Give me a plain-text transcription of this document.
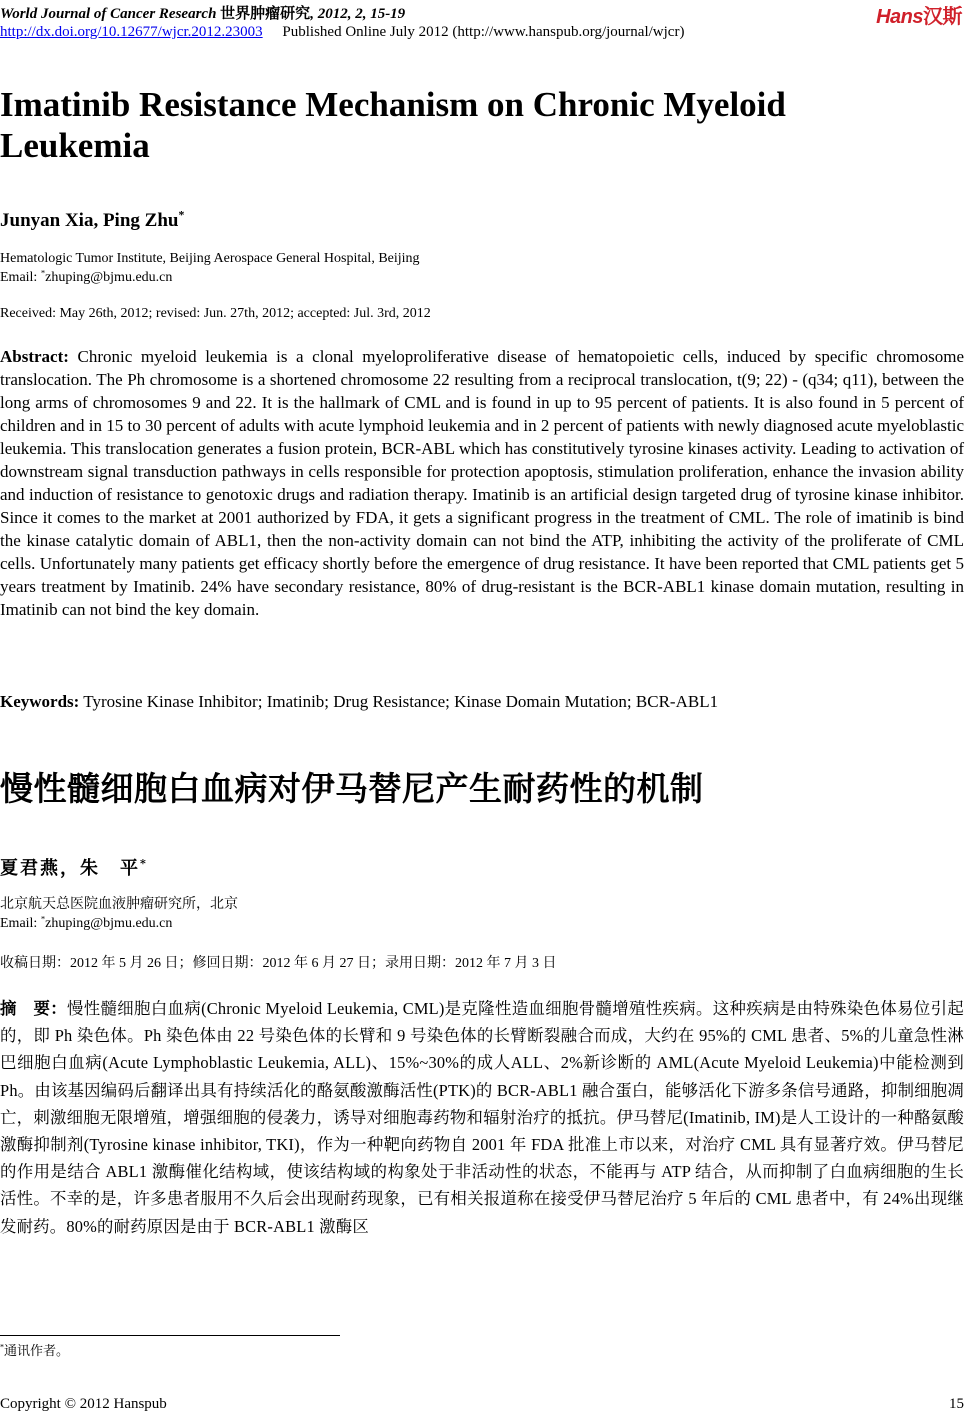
World Journal of Cancer Research 世界肿瘤研究, 2012, 2, 15-19	Hans汉斯
http://dx.doi.org/10.12677/wjcr.2012.23003 Published Online July 2012 (http://www.hanspub.org/journal/wjcr)
Imatinib Resistance Mechanism on Chronic Myeloid Leukemia
Junyan Xia, Ping Zhu*
Hematologic Tumor Institute, Beijing Aerospace General Hospital, Beijing
Email: *zhuping@bjmu.edu.cn
Received: May 26th, 2012; revised: Jun. 27th, 2012; accepted: Jul. 3rd, 2012
Abstract: Chronic myeloid leukemia is a clonal myeloproliferative disease of hematopoietic cells, induced by specific chromosome translocation. The Ph chromosome is a shortened chromosome 22 resulting from a reciprocal translocation, t(9; 22) - (q34; q11), between the long arms of chromosomes 9 and 22. It is the hallmark of CML and is found in up to 95 percent of patients. It is also found in 5 percent of children and in 15 to 30 percent of adults with acute lymphoid leukemia and in 2 percent of patients with newly diagnosed acute myeloblastic leukemia. This translocation generates a fusion protein, BCR-ABL which has constitutively tyrosine kinases activity. Leading to activation of downstream signal transduction pathways in cells responsible for protection apoptosis, stimulation proliferation, enhance the invasion ability and induction of resistance to genotoxic drugs and radiation therapy. Imatinib is an artificial design targeted drug of tyrosine kinase inhibitor. Since it comes to the market at 2001 authorized by FDA, it gets a significant progress in the treatment of CML. The role of imatinib is bind the kinase catalytic domain of ABL1, then the non-activity domain can not bind the ATP, inhibiting the activity of the proliferate of CML cells. Unfortunately many patients get efficacy shortly before the emergence of drug resistance. It have been reported that CML patients get 5 years treatment by Imatinib. 24% have secondary resistance, 80% of drug-resistant is the BCR-ABL1 kinase domain mutation, resulting in Imatinib can not bind the key domain.
Keywords: Tyrosine Kinase Inhibitor; Imatinib; Drug Resistance; Kinase Domain Mutation; BCR-ABL1
慢性髓细胞白血病对伊马替尼产生耐药性的机制
夏君燕，朱　平*
北京航天总医院血液肿瘤研究所，北京
Email: *zhuping@bjmu.edu.cn
收稿日期：2012 年 5 月 26 日；修回日期：2012 年 6 月 27 日；录用日期：2012 年 7 月 3 日
摘　要：慢性髓细胞白血病(Chronic Myeloid Leukemia, CML)是克隆性造血细胞骨髓增殖性疾病。这种疾病是由特殊染色体易位引起的，即 Ph 染色体。Ph 染色体由 22 号染色体的长臂和 9 号染色体的长臂断裂融合而成，大约在 95%的 CML 患者、5%的儿童急性淋巴细胞白血病(Acute Lymphoblastic Leukemia, ALL)、15%~30%的成人ALL、2%新诊断的 AML(Acute Myeloid Leukemia)中能检测到 Ph。由该基因编码后翻译出具有持续活化的酪氨酸激酶活性(PTK)的 BCR-ABL1 融合蛋白，能够活化下游多条信号通路，抑制细胞凋亡，刺激细胞无限增殖，增强细胞的侵袭力，诱导对细胞毒药物和辐射治疗的抵抗。伊马替尼(Imatinib, IM)是人工设计的一种酪氨酸激酶抑制剂(Tyrosine kinase inhibitor, TKI)，作为一种靶向药物自 2001 年 FDA 批准上市以来，对治疗 CML 具有显著疗效。伊马替尼的作用是结合 ABL1 激酶催化结构域，使该结构域的构象处于非活动性的状态，不能再与 ATP 结合，从而抑制了白血病细胞的生长活性。不幸的是，许多患者服用不久后会出现耐药现象，已有相关报道称在接受伊马替尼治疗 5 年后的 CML 患者中，有 24%出现继发耐药。80%的耐药原因是由于 BCR-ABL1 激酶区
*通讯作者。
Copyright © 2012 Hanspub	15
